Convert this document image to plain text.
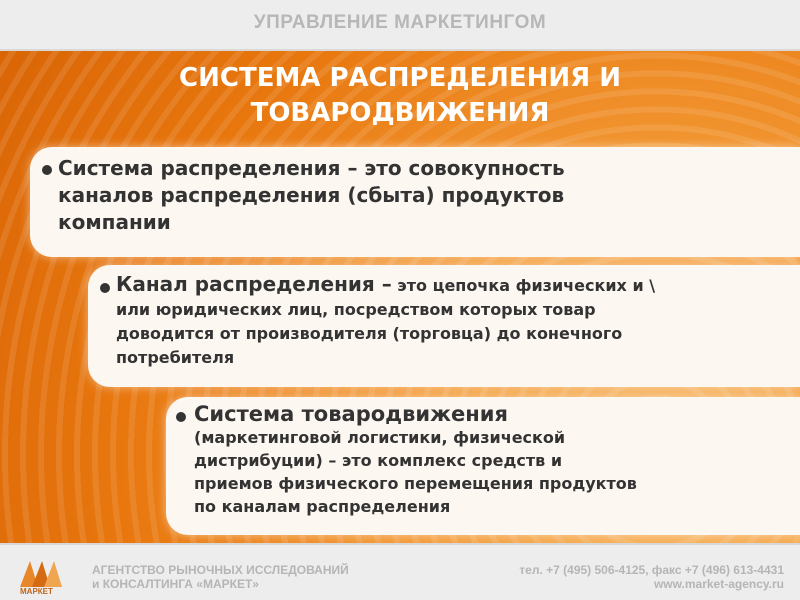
УПРАВЛЕНИЕ МАРКЕТИНГОМ
СИСТЕМА РАСПРЕДЕЛЕНИЯ И
ТОВАРОДВИЖЕНИЯ
Система распределения – это совокупность
каналов распределения (сбыта) продуктов
компании
Канал распределения – это цепочка физических и \
или юридических лиц, посредством которых товар
доводится от производителя (торговца) до конечного
потребителя
Система товародвижения
(маркетинговой логистики, физической
дистрибуции) – это комплекс средств и
приемов физического перемещения продуктов
по каналам распределения
МАРКЕТ
АГЕНТСТВО РЫНОЧНЫХ ИССЛЕДОВАНИЙ
и КОНСАЛТИНГА «МАРКЕТ»
тел. +7 (495) 506-4125, факс +7 (496) 613-4431
www.market-agency.ru
